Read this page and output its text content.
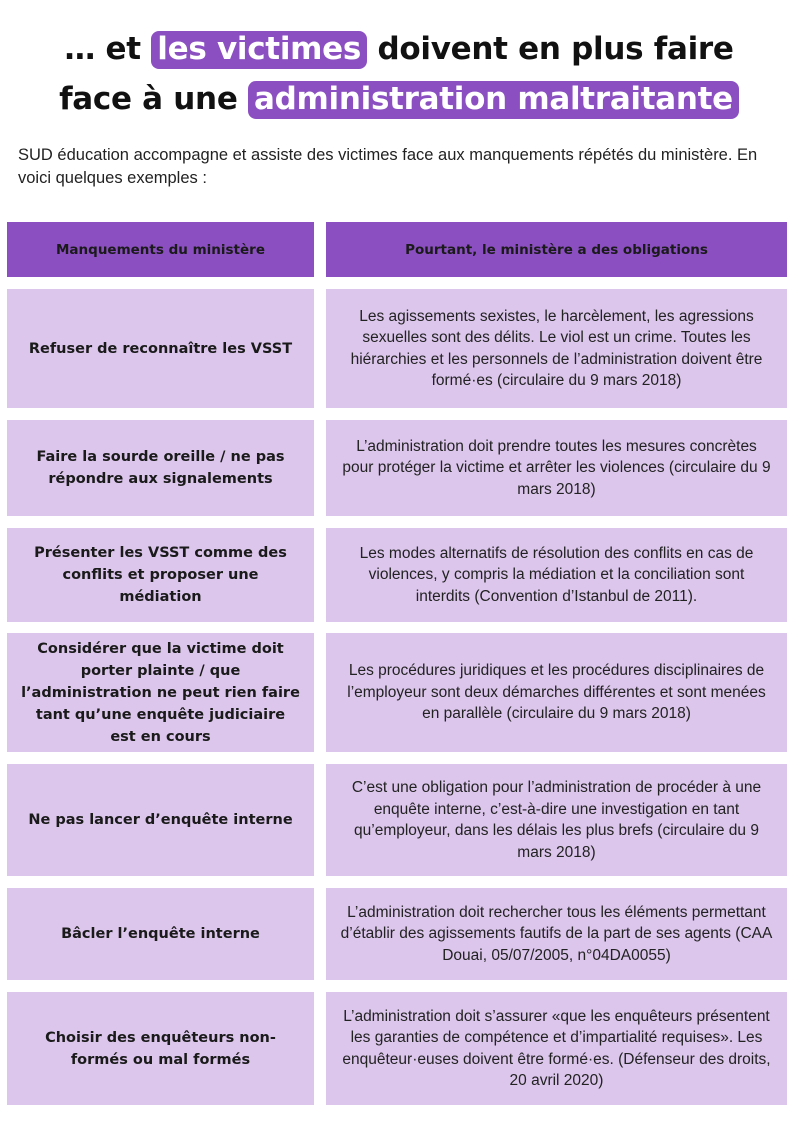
… et les victimes doivent en plus faire
face à une administration maltraitante
SUD éducation accompagne et assiste des victimes face aux manquements répétés du ministère. En voici quelques exemples :
Manquements du ministère	Pourtant, le ministère a des obligations
Refuser de reconnaître les VSST
Les agissements sexistes, le harcèlement, les agressions sexuelles sont des délits. Le viol est un crime. Toutes les hiérarchies et les personnels de l’administration doivent être formé·es (circulaire du 9 mars 2018)
Faire la sourde oreille / ne pas répondre aux signalements
L’administration doit prendre toutes les mesures concrètes pour protéger la victime et arrêter les violences (circulaire du 9 mars 2018)
Présenter les VSST comme des conflits et proposer une médiation
Les modes alternatifs de résolution des conflits en cas de violences, y compris la médiation et la conciliation sont interdits (Convention d’Istanbul de 2011).
Considérer que la victime doit porter plainte / que l’administration ne peut rien faire tant qu’une enquête judiciaire est en cours
Les procédures juridiques et les procédures disciplinaires de l’employeur sont deux démarches différentes et sont menées en parallèle (circulaire du 9 mars 2018)
Ne pas lancer d’enquête interne
C’est une obligation pour l’administration de procéder à une enquête interne, c’est-à-dire une investigation en tant qu’employeur, dans les délais les plus brefs (circulaire du 9 mars 2018)
Bâcler l’enquête interne
L’administration doit rechercher tous les éléments permettant d’établir des agissements fautifs de la part de ses agents (CAA Douai, 05/07/2005, n°04DA0055)
Choisir des enquêteurs non-formés ou mal formés
L’administration doit s’assurer «que les enquêteurs présentent les garanties de compétence et d’impartialité requises». Les enquêteur·euses doivent être formé·es. (Défenseur des droits, 20 avril 2020)
